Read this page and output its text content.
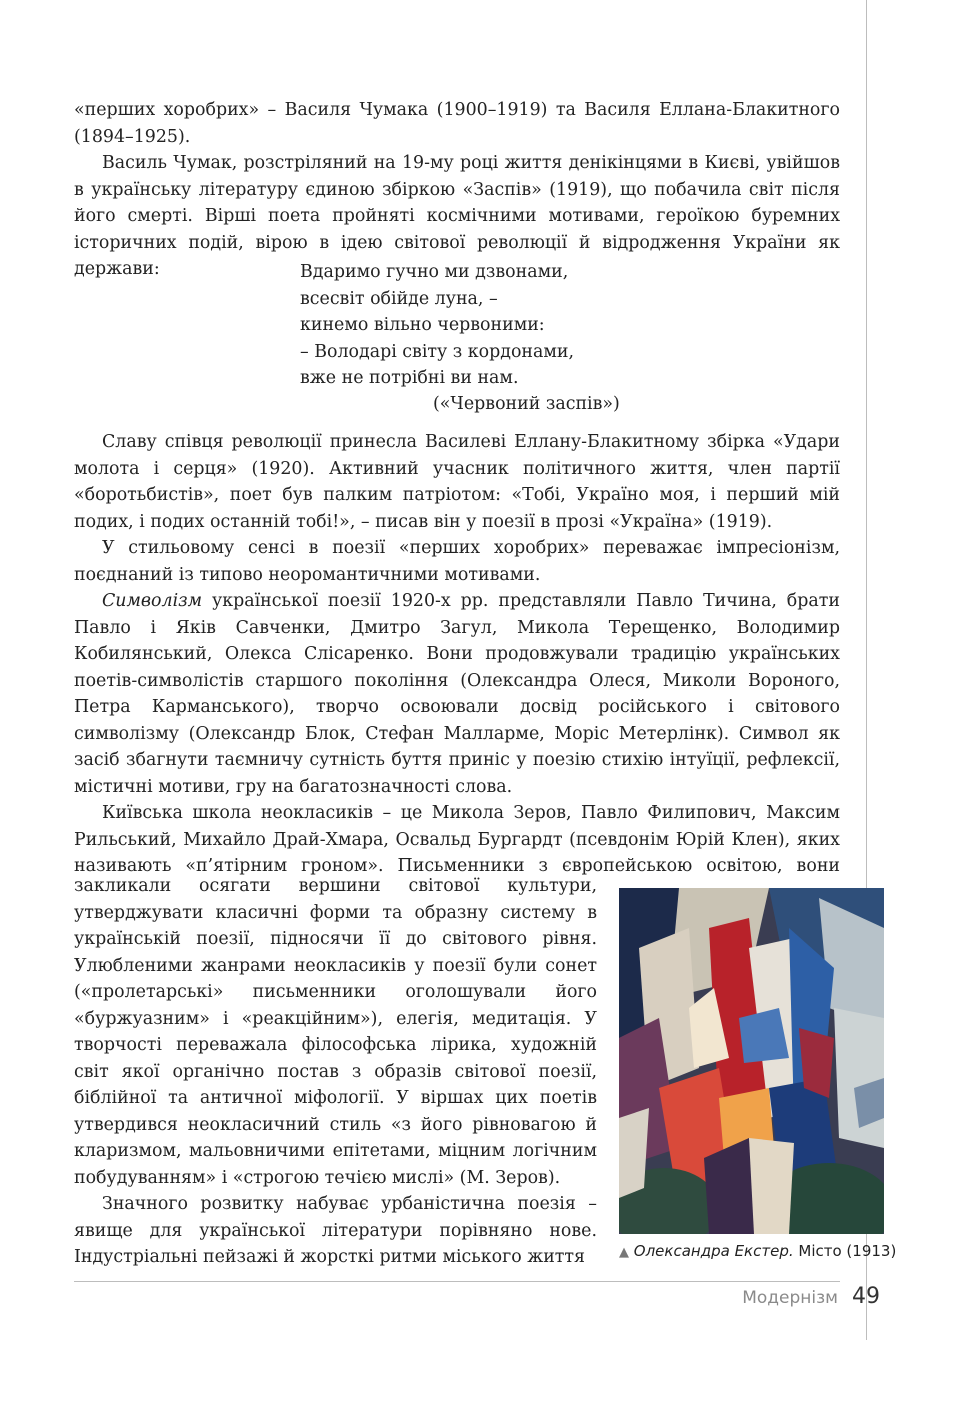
«перших хоробрих» – Василя Чумака (1900–1919) та Василя Еллана-Блакитного (1894–1925).

Василь Чумак, розстріляний на 19-му році життя денікінцями в Києві, увійшов в українську літературу єдиною збіркою «Заспів» (1919), що побачила світ після його смерті. Вірші поета пройняті космічними мотивами, героїкою буремних історичних подій, вірою в ідею світової революції й відродження України як держави:	Вдаримо гучно ми дзвонами,
всесвіт обійде луна, –
кинемо вільно червоними:
– Володарі світу з кордонами,
вже не потрібні ви нам.
(«Червоний заспів»)

Славу співця революції принесла Василеві Еллану-Блакитному збірка «Удари молота і серця» (1920). Активний учасник політичного життя, член партії «боротьбистів», поет був палким патріотом: «Тобі, Україно моя, і перший мій подих, і подих останній тобі!», – писав він у поезії в прозі «Україна» (1919).

У стильовому сенсі в поезії «перших хоробрих» переважає імпресіонізм, поєднаний із типово неоромантичними мотивами.

Символізм української поезії 1920-х рр. представляли Павло Тичина, брати Павло і Яків Савченки, Дмитро Загул, Микола Терещенко, Володимир Кобилянський, Олекса Слісаренко. Вони продовжували традицію українських поетів-символістів старшого покоління (Олександра Олеся, Миколи Вороного, Петра Карманського), творчо освоювали досвід російського і світового символізму (Олександр Блок, Стефан Малларме, Моріс Метерлінк). Символ як засіб збагнути таємничу сутність буття приніс у поезію стихію інтуїції, рефлексії, містичні мотиви, гру на багатозначності слова.

Київська школа неокласиків – це Микола Зеров, Павло Филипович, Максим Рильський, Михайло Драй-Хмара, Освальд Бургардт (псевдонім Юрій Клен), яких називають «п’ятірним гроном». Письменники з європейською освітою, вони

закликали осягати вершини світової культури, утверджувати класичні форми та образну систему в українській поезії, підносячи її до світового рівня. Улюбленими жанрами неокласиків у поезії були сонет («пролетарські» письменники оголошували його «буржуазним» і «реакційним»), елегія, медитація. У творчості переважала філософська лірика, художній світ якої органічно постав з образів світової поезії, біблійної та античної міфології. У віршах цих поетів утвердився неокласичний стиль «з його рівновагою й кларизмом, мальовничими епітетами, міцним логічним побудуванням» і «строгою течією мислі» (М. Зеров).

Значного розвитку набуває урбаністична поезія – явище для української літератури порівняно нове. Індустріальні пейзажі й жорсткі ритми міського життя	▲ Олександра Екстер. Місто (1913)
Модернізм 49
